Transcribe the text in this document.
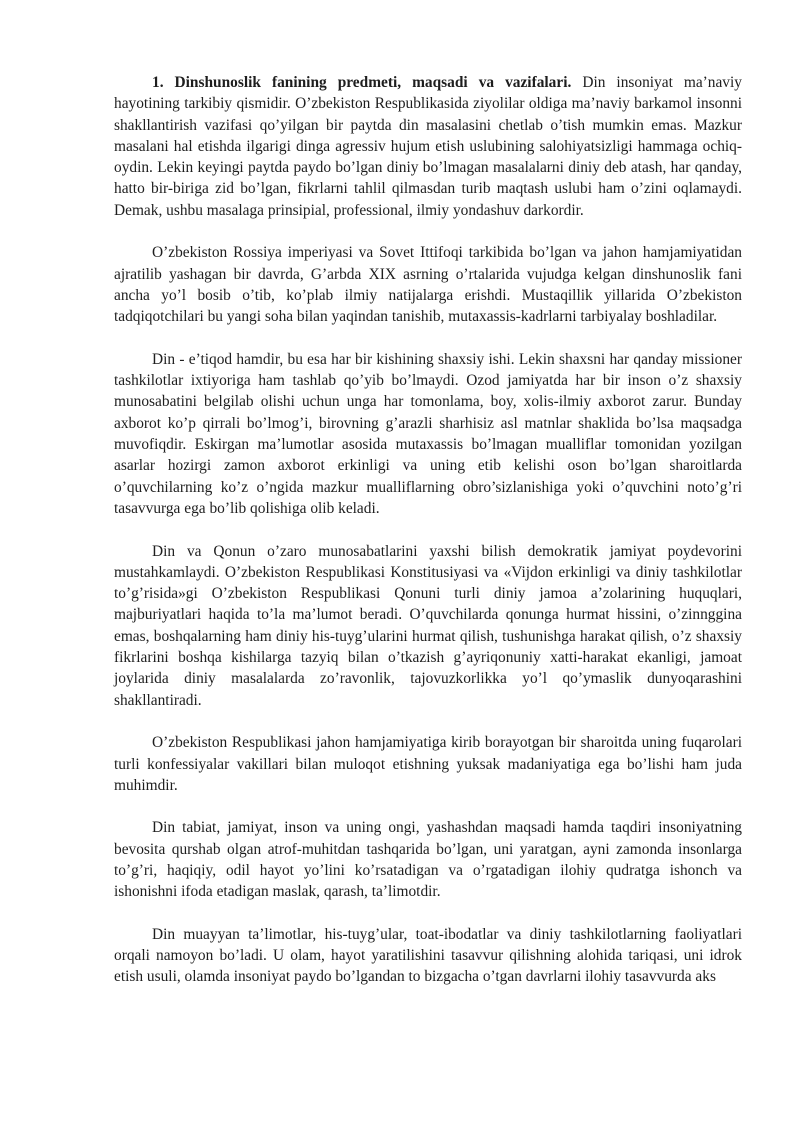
1. Dinshunoslik fanining predmeti, maqsadi va vazifalari. Din insoniyat ma’naviy hayotining tarkibiy qismidir. O’zbekiston Respublikasida ziyolilar oldiga ma’naviy barkamol insonni shakllantirish vazifasi qo’yilgan bir paytda din masalasini chetlab o’tish mumkin emas. Mazkur masalani hal etishda ilgarigi dinga agressiv hujum etish uslubining salohiyatsizligi hammaga ochiq-oydin. Lekin keyingi paytda paydo bo’lgan diniy bo’lmagan masalalarni diniy deb atash, har qanday, hatto bir-biriga zid bo’lgan, fikrlarni tahlil qilmasdan turib maqtash uslubi ham o’zini oqlamaydi. Demak, ushbu masalaga prinsipial, professional, ilmiy yondashuv darkordir.

O’zbekiston Rossiya imperiyasi va Sovet Ittifoqi tarkibida bo’lgan va jahon hamjamiyatidan ajratilib yashagan bir davrda, G’arbda XIX asrning o’rtalarida vujudga kelgan dinshunoslik fani ancha yo’l bosib o’tib, ko’plab ilmiy natijalarga erishdi. Mustaqillik yillarida O’zbekiston tadqiqotchilari bu yangi soha bilan yaqindan tanishib, mutaxassis-kadrlarni tarbiyalay boshladilar.

Din - e’tiqod hamdir, bu esa har bir kishining shaxsiy ishi. Lekin shaxsni har qanday missioner tashkilotlar ixtiyoriga ham tashlab qo’yib bo’lmaydi. Ozod jamiyatda har bir inson o’z shaxsiy munosabatini belgilab olishi uchun unga har tomonlama, boy, xolis-ilmiy axborot zarur. Bunday axborot ko’p qirrali bo’lmog’i, birovning g’arazli sharhisiz asl matnlar shaklida bo’lsa maqsadga muvofiqdir. Eskirgan ma’lumotlar asosida mutaxassis bo’lmagan mualliflar tomonidan yozilgan asarlar hozirgi zamon axborot erkinligi va uning etib kelishi oson bo’lgan sharoitlarda o’quvchilarning ko’z o’ngida mazkur mualliflarning obro’sizlanishiga yoki o’quvchini noto’g’ri tasavvurga ega bo’lib qolishiga olib keladi.

Din va Qonun o’zaro munosabatlarini yaxshi bilish demokratik jamiyat poydevorini mustahkamlaydi. O’zbekiston Respublikasi Konstitusiyasi va «Vijdon erkinligi va diniy tashkilotlar to’g’risida»gi O’zbekiston Respublikasi Qonuni turli diniy jamoa a’zolarining huquqlari, majburiyatlari haqida to’la ma’lumot beradi. O’quvchilarda qonunga hurmat hissini, o’zinnggina emas, boshqalarning ham diniy his-tuyg’ularini hurmat qilish, tushunishga harakat qilish, o’z shaxsiy fikrlarini boshqa kishilarga tazyiq bilan o’tkazish g’ayriqonuniy xatti-harakat ekanligi, jamoat joylarida diniy masalalarda zo’ravonlik, tajovuzkorlikka yo’l qo’ymaslik dunyoqarashini shakllantiradi.

O’zbekiston Respublikasi jahon hamjamiyatiga kirib borayotgan bir sharoitda uning fuqarolari turli konfessiyalar vakillari bilan muloqot etishning yuksak madaniyatiga ega bo’lishi ham juda muhimdir.

Din tabiat, jamiyat, inson va uning ongi, yashashdan maqsadi hamda taqdiri insoniyatning bevosita qurshab olgan atrof-muhitdan tashqarida bo’lgan, uni yaratgan, ayni zamonda insonlarga to’g’ri, haqiqiy, odil hayot yo’lini ko’rsatadigan va o’rgatadigan ilohiy qudratga ishonch va ishonishni ifoda etadigan maslak, qarash, ta’limotdir.

Din muayyan ta’limotlar, his-tuyg’ular, toat-ibodatlar va diniy tashkilotlarning faoliyatlari orqali namoyon bo’ladi. U olam, hayot yaratilishini tasavvur qilishning alohida tariqasi, uni idrok etish usuli, olamda insoniyat paydo bo’lgandan to bizgacha o’tgan davrlarni ilohiy tasavvurda aks
